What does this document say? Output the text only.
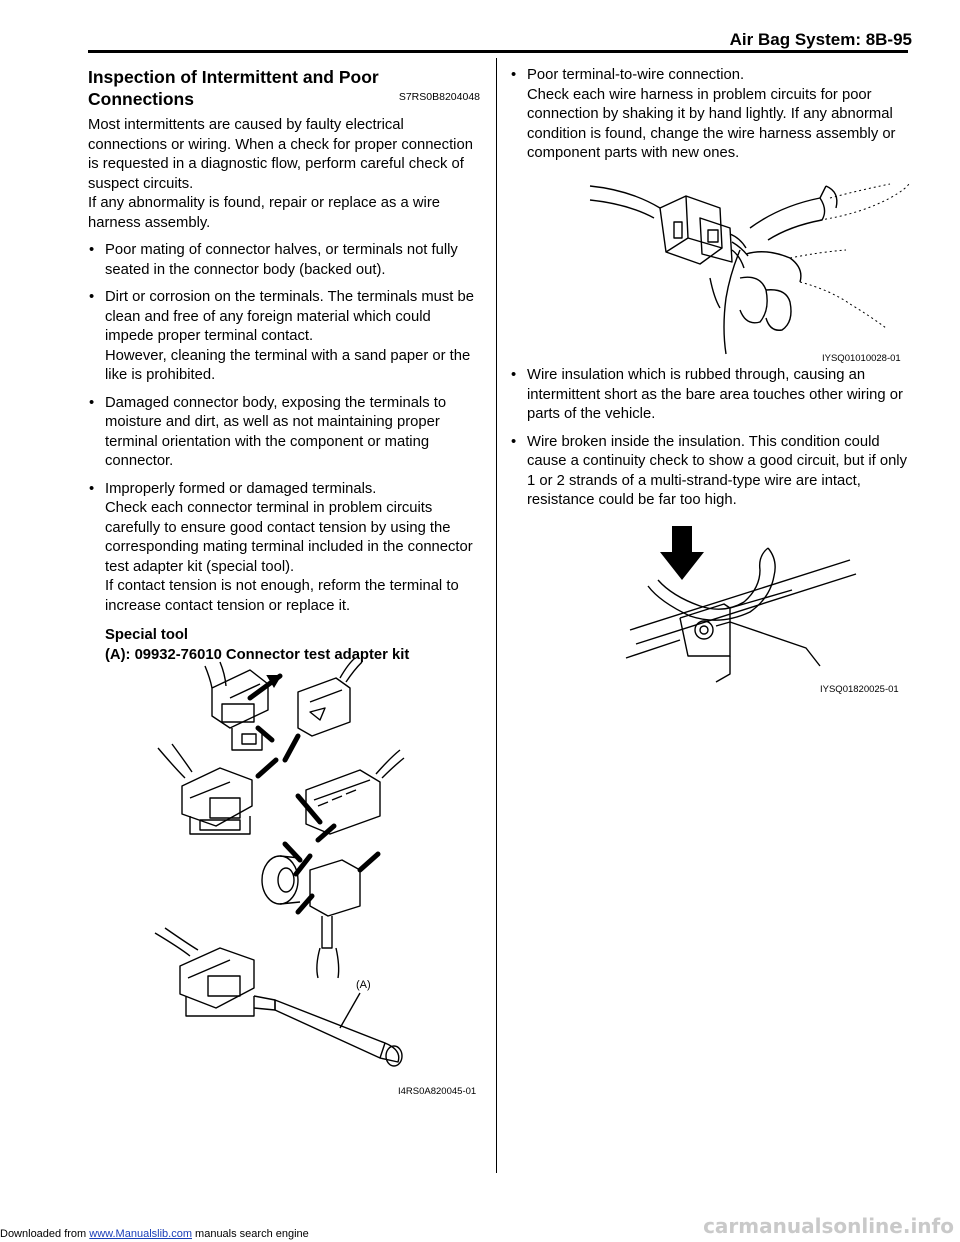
Air Bag System: 8B-95
Inspection of Intermittent and Poor Connections	S7RS0B8204048

Most intermittents are caused by faulty electrical connections or wiring. When a check for proper connection is requested in a diagnostic flow, perform careful check of suspect circuits.

If any abnormality is found, repair or replace as a wire harness assembly.

• Poor mating of connector halves, or terminals not fully seated in the connector body (backed out).
• Dirt or corrosion on the terminals. The terminals must be clean and free of any foreign material which could impede proper terminal contact.
However, cleaning the terminal with a sand paper or the like is prohibited.
• Damaged connector body, exposing the terminals to moisture and dirt, as well as not maintaining proper terminal orientation with the component or mating connector.
• Improperly formed or damaged terminals.
Check each connector terminal in problem circuits carefully to ensure good contact tension by using the corresponding mating terminal included in the connector test adapter kit (special tool).
If contact tension is not enough, reform the terminal to increase contact tension or replace it.
Special tool
(A): 09932-76010 Connector test adapter kit
(A)
I4RS0A820045-01
• Poor terminal-to-wire connection.
Check each wire harness in problem circuits for poor connection by shaking it by hand lightly. If any abnormal condition is found, change the wire harness assembly or component parts with new ones.
IYSQ01010028-01
• Wire insulation which is rubbed through, causing an intermittent short as the bare area touches other wiring or parts of the vehicle.
• Wire broken inside the insulation. This condition could cause a continuity check to show a good circuit, but if only 1 or 2 strands of a multi-strand-type wire are intact, resistance could be far too high.
IYSQ01820025-01
Downloaded from www.Manualslib.com manuals search engine	carmanualsonline.info
